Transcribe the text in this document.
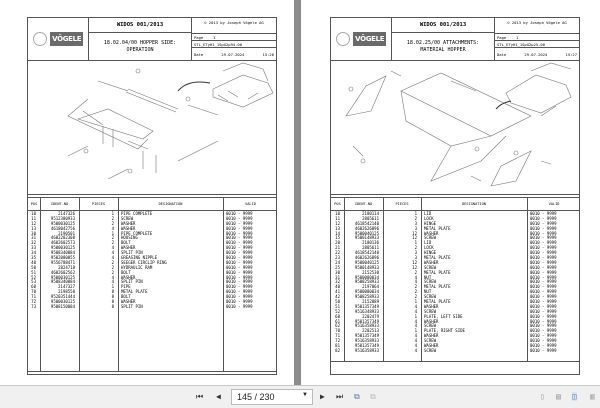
VÖGELE
WIDOS 001/2013
18.02.04/00 HOPPER SIDE: OPERATION
© 2013 by Joseph Vögele AG
Page	1
STL_ETyH1_1SpG2p94-00
Date	29.07.2024	15:26
POS	IDENT-NO	PIECES	DESIGNATION	VALID
10	2147326	1 PIPE COMPLETE	0010 - 9999
11	9512380933	2 SCREW	0010 - 9999
12	9500030125	2 WASHER	0010 - 9999
13	4618042756	4 WASHER	0010 - 9999
30	2190501	1 PIPE COMPLETE	0010 - 9999
31	4602282308	2 HOUSING	0010 - 9999
32	4602602573	2 BOLT	0010 - 9999
33	9500030125	4 WASHER	0010 - 9999
34	9508340084	4 SPLIT PIN	0010 - 9999
35	9502080055	4 GREASING NIPPLE	0010 - 9999
40	9556788471	2 SEEGER CIRCLIP RING	0010 - 9999
50	2824718	2 HYDRAULIC RAM	0010 - 9999
51	4602602562	2 BOLT	0010 - 9999
52	9500030125	4 WASHER	0010 - 9999
53	9508340084	4 SPLIT PIN	0010 - 9999
60	2147327	1 PIPE	0010 - 9999
70	2198558	8 METAL PLATE	0010 - 9999
71	9520351444	8 BOLT	0010 - 9999
72	9500030125	8 WASHER	0010 - 9999
73	9508150084	8 SPLIT PIN	0010 - 9999
VÖGELE
WIDOS 001/2013
18.02.25/00 ATTACHMENTS: MATERIAL HOPPER
© 2013 by Joseph Vögele AG
Page	1
STL_ETyH1_1SpG2p25-00
Date	29.07.2024	15:27
POS	IDENT-NO	PIECES	DESIGNATION	VALID
10	2180114	1 LID	0010 - 9999
11	2805611	2 LOCK	0010 - 9999
12	4618542140	3 HINGE	0010 - 9999
13	4602626896	3 METAL PLATE	0010 - 9999
14	9500040125	12 WASHER	0010 - 9999
15	9500148933	12 SCREW	0010 - 9999
20	2180136	1 LID	0010 - 9999
21	2805611	2 LOCK	0010 - 9999
22	4618542140	3 HINGE	0010 - 9999
23	4602626896	3 METAL PLATE	0010 - 9999
24	9500040125	12 WASHER	0010 - 9999
25	9500148933	12 SCREW	0010 - 9999
30	2152530	2 METAL PLATE	0010 - 9999
31	9500080034	4 NUT	0010 - 9999
32	9508258933	4 SCREW	0010 - 9999
40	2197864	2 METAL PLATE	0010 - 9999
41	9500080034	2 NUT	0010 - 9999
42	9508258933	2 SCREW	0010 - 9999
50	2152889	1 METAL PLATE	0010 - 9999
51	9501357349	4 WASHER	0010 - 9999
52	9516348933	4 SCREW	0010 - 9999
60	2202479	1 PLATE, LEFT SIDE	0010 - 9999
61	9501357349	4 WASHER	0010 - 9999
62	9516358933	4 SCREW	0010 - 9999
70	2202513	1 PLATE, RIGHT SIDE	0010 - 9999
71	9501357349	4 WASHER	0010 - 9999
72	9516358933	4 SCREW	0010 - 9999
81	9501357349	4 WASHER	0010 - 9999
82	9516358933	4 SCREW	0010 - 9999
⏮ ◀	145 / 230	▼ ▶ ⏭ ⧉ ⧉	▯ ▤ ◫ ▥
